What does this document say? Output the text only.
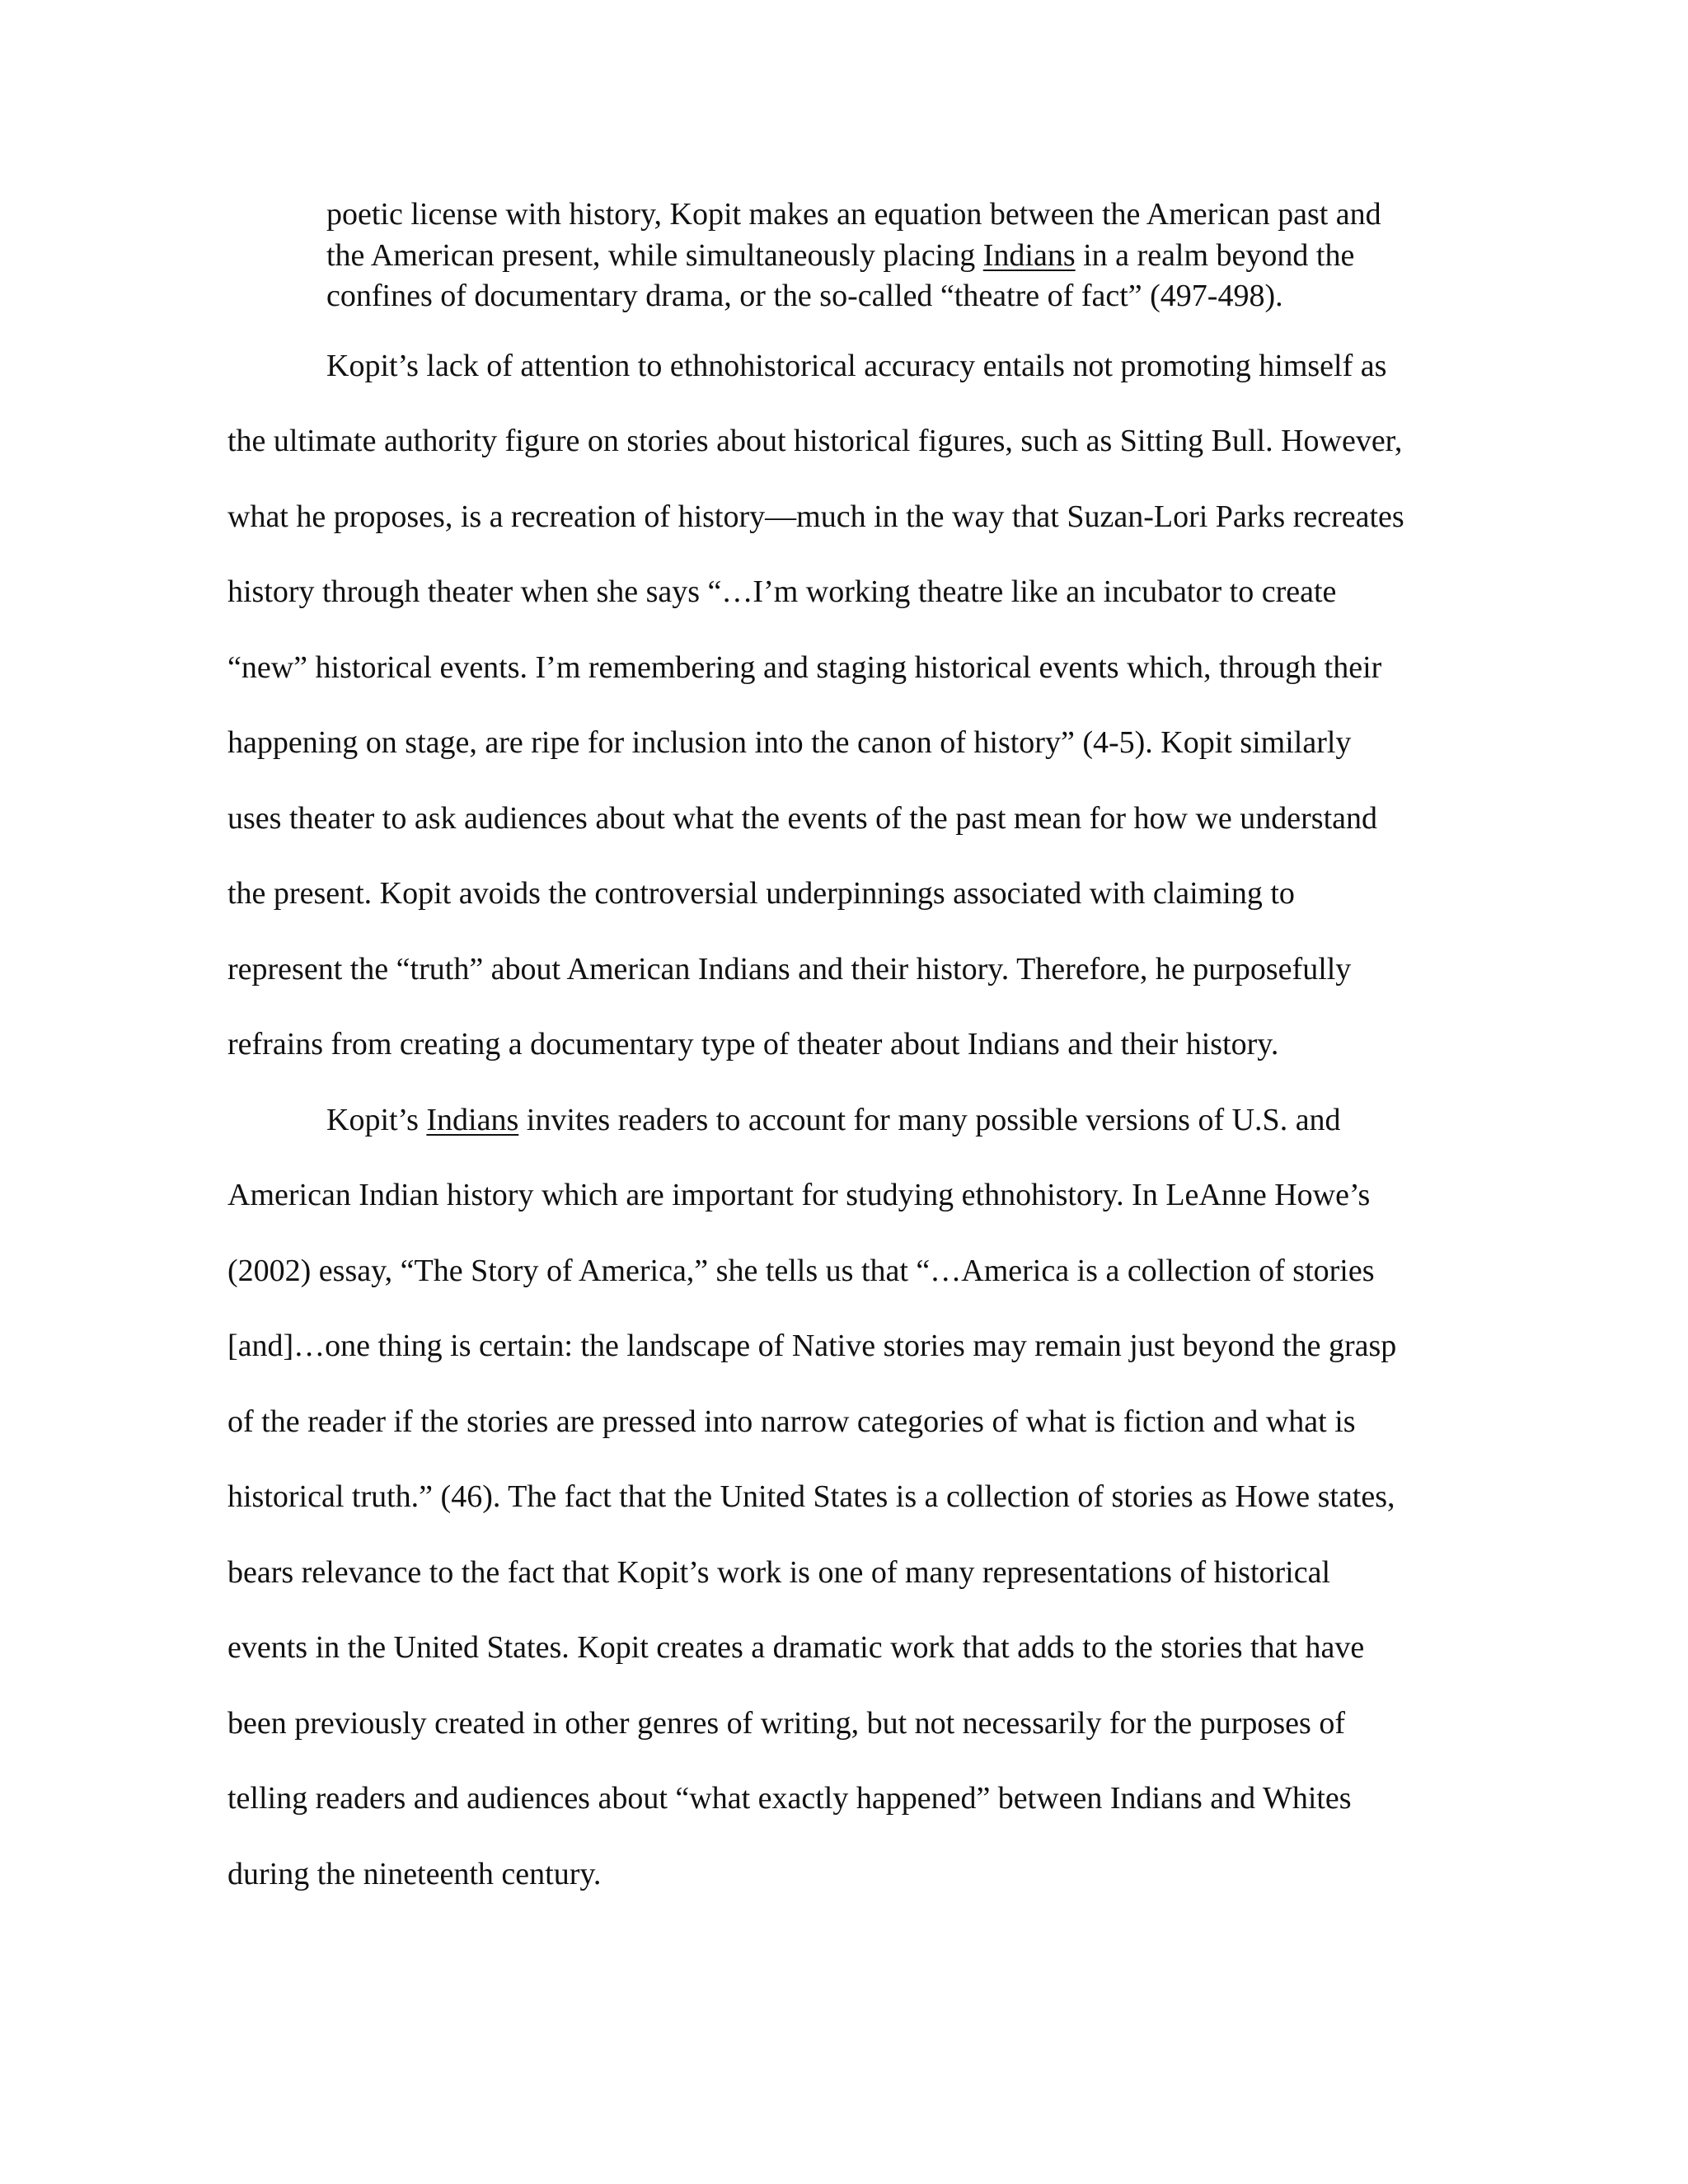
poetic license with history, Kopit makes an equation between the American past and
the American present, while simultaneously placing Indians in a realm beyond the
confines of documentary drama, or the so-called “theatre of fact” (497-498).
Kopit’s lack of attention to ethnohistorical accuracy entails not promoting himself as
the ultimate authority figure on stories about historical figures, such as Sitting Bull. However,
what he proposes, is a recreation of history—much in the way that Suzan-Lori Parks recreates
history through theater when she says “…I’m working theatre like an incubator to create
“new” historical events. I’m remembering and staging historical events which, through their
happening on stage, are ripe for inclusion into the canon of history” (4-5). Kopit similarly
uses theater to ask audiences about what the events of the past mean for how we understand
the present. Kopit avoids the controversial underpinnings associated with claiming to
represent the “truth” about American Indians and their history. Therefore, he purposefully
refrains from creating a documentary type of theater about Indians and their history.
Kopit’s Indians invites readers to account for many possible versions of U.S. and
American Indian history which are important for studying ethnohistory. In LeAnne Howe’s
(2002) essay, “The Story of America,” she tells us that “…America is a collection of stories
[and]…one thing is certain: the landscape of Native stories may remain just beyond the grasp
of the reader if the stories are pressed into narrow categories of what is fiction and what is
historical truth.” (46). The fact that the United States is a collection of stories as Howe states,
bears relevance to the fact that Kopit’s work is one of many representations of historical
events in the United States. Kopit creates a dramatic work that adds to the stories that have
been previously created in other genres of writing, but not necessarily for the purposes of
telling readers and audiences about “what exactly happened” between Indians and Whites
during the nineteenth century.
